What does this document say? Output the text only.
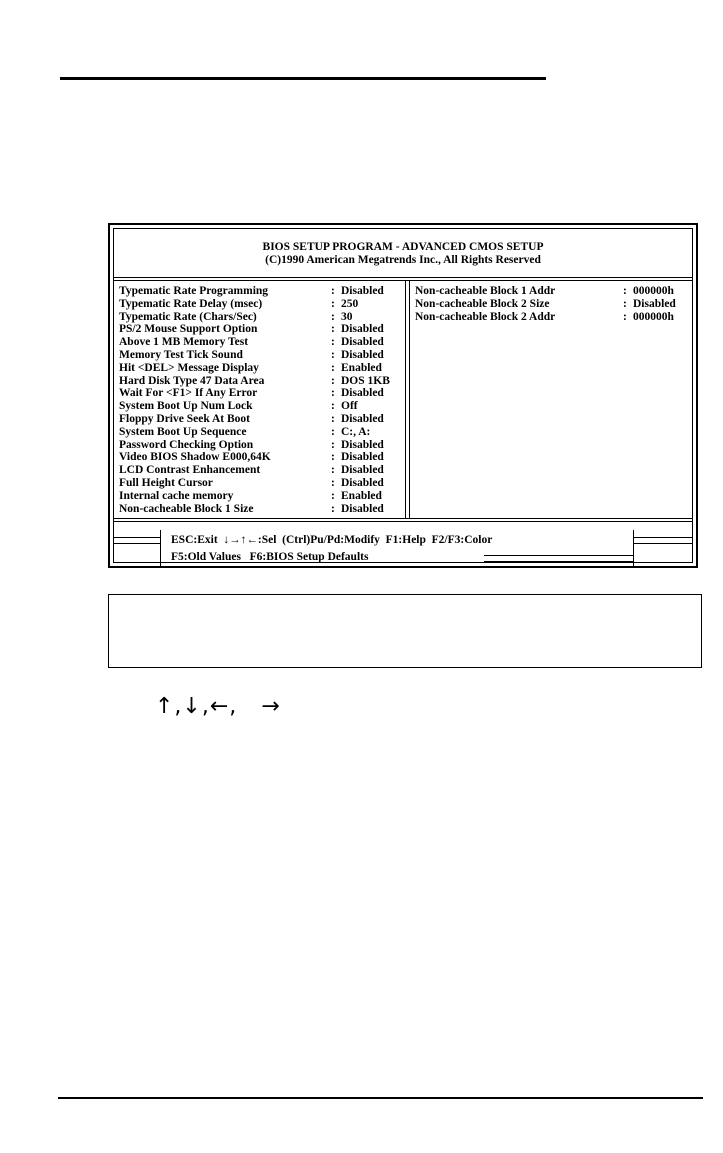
BIOS SETUP PROGRAM - ADVANCED CMOS SETUP
(C)1990 American Megatrends Inc., All Rights Reserved
Typematic Rate Programming	: Disabled
Typematic Rate Delay (msec)	: 250
Typematic Rate (Chars/Sec)	: 30
PS/2 Mouse Support Option	: Disabled
Above 1 MB Memory Test	: Disabled
Memory Test Tick Sound	: Disabled
Hit <DEL> Message Display	: Enabled
Hard Disk Type 47 Data Area	: DOS 1KB
Wait For <F1> If Any Error	: Disabled
System Boot Up Num Lock	: Off
Floppy Drive Seek At Boot	: Disabled
System Boot Up Sequence	: C:, A:
Password Checking Option	: Disabled
Video BIOS Shadow E000,64K	: Disabled
LCD Contrast Enhancement	: Disabled
Full Height Cursor	: Disabled
Internal cache memory	: Enabled
Non-cacheable Block 1 Size	: Disabled
Non-cacheable Block 1 Addr	: 000000h
Non-cacheable Block 2 Size	: Disabled
Non-cacheable Block 2 Addr	: 000000h
ESC:Exit  ↓→↑←:Sel  (Ctrl)Pu/Pd:Modify  F1:Help  F2/F3:Color
F5:Old Values   F6:BIOS Setup Defaults
↑,↓,←,   →
